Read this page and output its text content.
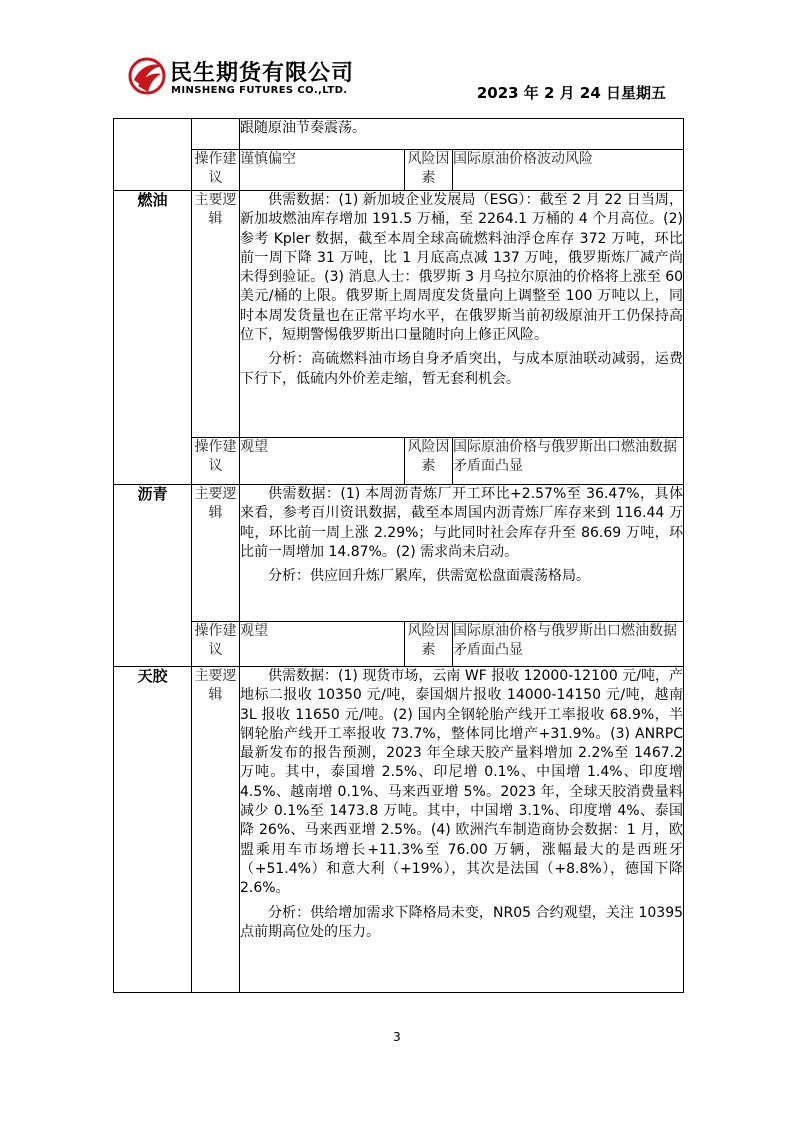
民生期货有限公司
MINSHENG FUTURES CO.,LTD.	2023 年 2 月 24 日星期五

		跟随原油节奏震荡。		

	操作建议	谨慎偏空	风险因素	国际原油价格波动风险
燃油	主要逻辑	供需数据：(1) 新加坡企业发展局（ESG）：截至 2 月 22 日当周，新加坡燃油库存增加 191.5 万桶，至 2264.1 万桶的 4 个月高位。(2) 参考 Kpler 数据，截至本周全球高硫燃料油浮仓库存 372 万吨，环比前一周下降 31 万吨，比 1 月底高点减 137 万吨，俄罗斯炼厂减产尚未得到验证。(3) 消息人士：俄罗斯 3 月乌拉尔原油的价格将上涨至 60 美元/桶的上限。俄罗斯上周周度发货量向上调整至 100 万吨以上，同时本周发货量也在正常平均水平，在俄罗斯当前初级原油开工仍保持高位下，短期警惕俄罗斯出口量随时向上修正风险。

分析：高硫燃料油市场自身矛盾突出，与成本原油联动减弱，运费下行下，低硫内外价差走缩，暂无套利机会。		

	操作建议	观望	风险因素	国际原油价格与俄罗斯出口燃油数据矛盾面凸显
沥青	主要逻辑	供需数据：(1) 本周沥青炼厂开工环比+2.57%至 36.47%，具体来看，参考百川资讯数据，截至本周国内沥青炼厂库存来到 116.44 万吨，环比前一周上涨 2.29%；与此同时社会库存升至 86.69 万吨，环比前一周增加 14.87%。(2) 需求尚未启动。

分析：供应回升炼厂累库，供需宽松盘面震荡格局。		

	操作建议	观望	风险因素	国际原油价格与俄罗斯出口燃油数据矛盾面凸显
天胶	主要逻辑	供需数据：(1) 现货市场，云南 WF 报收 12000-12100 元/吨，产地标二报收 10350 元/吨，泰国烟片报收 14000-14150 元/吨，越南 3L 报收 11650 元/吨。(2) 国内全钢轮胎产线开工率报收 68.9%，半钢轮胎产线开工率报收 73.7%，整体同比增产+31.9%。(3) ANRPC 最新发布的报告预测，2023 年全球天胶产量料增加 2.2%至 1467.2 万吨。其中，泰国增 2.5%、印尼增 0.1%、中国增 1.4%、印度增 4.5%、越南增 0.1%、马来西亚增 5%。2023 年，全球天胶消费量料减少 0.1%至 1473.8 万吨。其中，中国增 3.1%、印度增 4%、泰国降 26%、马来西亚增 2.5%。(4) 欧洲汽车制造商协会数据：1 月，欧盟乘用车市场增长+11.3%至 76.00 万辆，涨幅最大的是西班牙（+51.4%）和意大利（+19%），其次是法国（+8.8%），德国下降 2.6%。

分析：供给增加需求下降格局未变，NR05 合约观望，关注 10395 点前期高位处的压力。		

3
